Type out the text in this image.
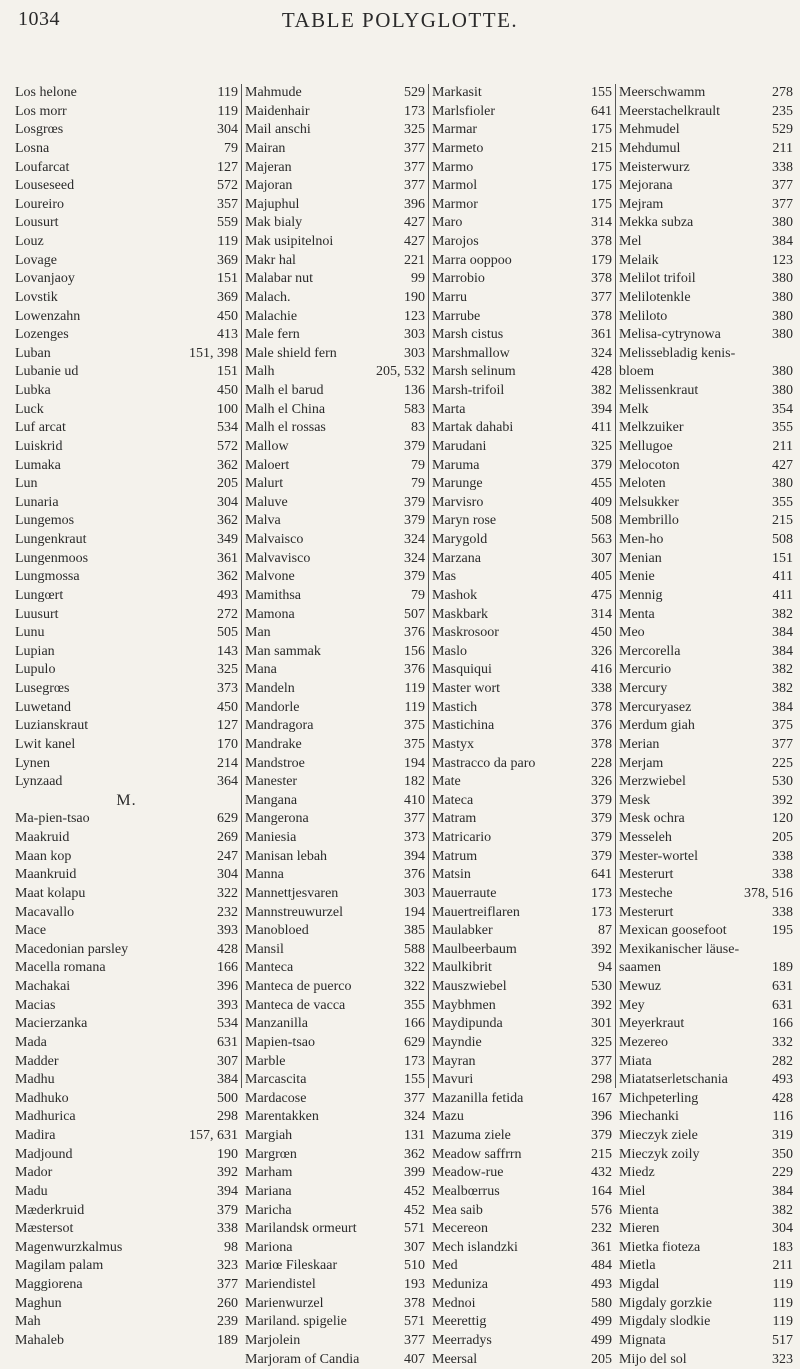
1034	TABLE POLYGLOTTE.
Los helone	119
Los morr	119
Losgrœs	304
Losna	79
Loufarcat	127
Louseseed	572
Loureiro	357
Lousurt	559
Louz	119
Lovage	369
Lovanjaoy	151
Lovstik	369
Lowenzahn	450
Lozenges	413
Luban	151, 398
Lubanie ud	151
Lubka	450
Luck	100
Luf arcat	534
Luiskrid	572
Lumaka	362
Lun	205
Lunaria	304
Lungemos	362
Lungenkraut	349
Lungenmoos	361
Lungmossa	362
Lungœrt	493
Luusurt	272
Lunu	505
Lupian	143
Lupulo	325
Lusegrœs	373
Luwetand	450
Luzianskraut	127
Lwit kanel	170
Lynen	214
Lynzaad	364
M.
Ma-pien-tsao	629
Maakruid	269
Maan kop	247
Maankruid	304
Maat kolapu	322
Macavallo	232
Mace	393
Macedonian parsley	428
Macella romana	166
Machakai	396
Macias	393
Macierzanka	534
Mada	631
Madder	307
Madhu	384
Madhuko	500
Madhurica	298
Madira	157, 631
Madjound	190
Mador	392
Madu	394
Mæderkruid	379
Mæstersot	338
Magenwurzkalmus	98
Magilam palam	323
Maggiorena	377
Maghun	260
Mah	239
Mahaleb	189
Mahmude	529
Maidenhair	173
Mail anschi	325
Mairan	377
Majeran	377
Majoran	377
Majuphul	396
Mak bialy	427
Mak usipitelnoi	427
Makr hal	221
Malabar nut	99
Malach.	190
Malachie	123
Male fern	303
Male shield fern	303
Malh	205, 532
Malh el barud	136
Malh el China	583
Malh el rossas	83
Mallow	379
Maloert	79
Malurt	79
Maluve	379
Malva	379
Malvaisco	324
Malvavisco	324
Malvone	379
Mamithsa	79
Mamona	507
Man	376
Man sammak	156
Mana	376
Mandeln	119
Mandorle	119
Mandragora	375
Mandrake	375
Mandstroe	194
Manester	182
Mangana	410
Mangerona	377
Maniesia	373
Manisan lebah	394
Manna	376
Mannettjesvaren	303
Mannstreuwurzel	194
Manobloed	385
Mansil	588
Manteca	322
Manteca de puerco	322
Manteca de vacca	355
Manzanilla	166
Mapien-tsao	629
Marble	173
Marcascita	155
Mardacose	377
Marentakken	324
Margiah	131
Margrœn	362
Marham	399
Mariana	452
Maricha	452
Marilandsk ormeurt	571
Mariona	307
Mariœ Fileskaar	510
Mariendistel	193
Marienwurzel	378
Mariland. spigelie	571
Marjolein	377
Marjoram of Candia	407
Markasit	155
Marlsfioler	641
Marmar	175
Marmeto	215
Marmo	175
Marmol	175
Marmor	175
Maro	314
Marojos	378
Marra ooppoo	179
Marrobio	378
Marru	377
Marrube	378
Marsh cistus	361
Marshmallow	324
Marsh selinum	428
Marsh-trifoil	382
Marta	394
Martak dahabi	411
Marudani	325
Maruma	379
Marunge	455
Marvisro	409
Maryn rose	508
Marygold	563
Marzana	307
Mas	405
Mashok	475
Maskbark	314
Maskrosoor	450
Maslo	326
Masquiqui	416
Master wort	338
Mastich	378
Mastichina	376
Mastyx	378
Mastracco da paro	228
Mate	326
Mateca	379
Matram	379
Matricario	379
Matrum	379
Matsin	641
Mauerraute	173
Mauertreiflaren	173
Maulabker	87
Maulbeerbaum	392
Maulkibrit	94
Mauszwiebel	530
Maybhmen	392
Maydipunda	301
Mayndie	325
Mayran	377
Mavuri	298
Mazanilla fetida	167
Mazu	396
Mazuma ziele	379
Meadow saffrrn	215
Meadow-rue	432
Mealbœrrus	164
Mea saib	576
Mecereon	232
Mech islandzki	361
Med	484
Meduniza	493
Mednoi	580
Meerettig	499
Meerradys	499
Meersal	205
Meerschwamm	278
Meerstachelkrault	235
Mehmudel	529
Mehdumul	211
Meisterwurz	338
Mejorana	377
Mejram	377
Mekka subza	380
Mel	384
Melaik	123
Melilot trifoil	380
Melilotenkle	380
Meliloto	380
Melisa-cytrynowa	380
Melissebladig kenis-
bloem	380
Melissenkraut	380
Melk	354
Melkzuiker	355
Mellugoe	211
Melocoton	427
Meloten	380
Melsukker	355
Membrillo	215
Men-ho	508
Menian	151
Menie	411
Mennig	411
Menta	382
Meo	384
Mercorella	384
Mercurio	382
Mercury	382
Mercuryasez	384
Merdum giah	375
Merian	377
Merjam	225
Merzwiebel	530
Mesk	392
Mesk ochra	120
Messeleh	205
Mester-wortel	338
Mesterurt	338
Mesteche	378, 516
Mesterurt	338
Mexican goosefoot	195
Mexikanischer läuse-
saamen	189
Mewuz	631
Mey	631
Meyerkraut	166
Mezereo	332
Miata	282
Miatatserletschania	493
Michpeterling	428
Miechanki	116
Mieczyk ziele	319
Mieczyk zoily	350
Miedz	229
Miel	384
Mienta	382
Mieren	304
Mietka fioteza	183
Mietla	211
Migdal	119
Migdaly gorzkie	119
Migdaly slodkie	119
Mignata	517
Mijo del sol	323
